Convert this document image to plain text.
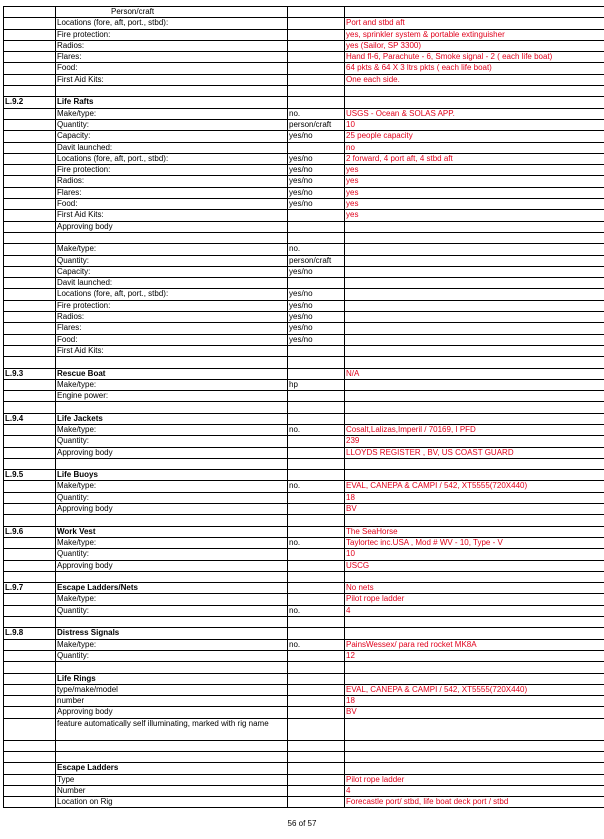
	Person/craft		
	Locations (fore, aft, port., stbd):		Port and stbd aft
	Fire protection:		yes, sprinkler system & portable extinguisher
	Radios:		yes (Sailor, SP 3300)
	Flares:		Hand fl-6, Parachute - 6, Smoke signal - 2 ( each life boat)
	Food:		64 pkts & 64 X 3 ltrs pkts ( each life boat)
	First Aid Kits:		One each side.

L.9.2	Life Rafts		
	Make/type:	no.	USGS - Ocean & SOLAS APP.
	Quantity:	person/craft	10
	Capacity:	yes/no	25 people capacity
	Davit launched:		no
	Locations (fore, aft, port., stbd):	yes/no	2 forward, 4 port aft, 4 stbd aft
	Fire protection:	yes/no	yes
	Radios:	yes/no	yes
	Flares:	yes/no	yes
	Food:	yes/no	yes
	First Aid Kits:		yes
	Approving body		

	Make/type:	no.	
	Quantity:	person/craft	
	Capacity:	yes/no	
	Davit launched:		
	Locations (fore, aft, port., stbd):	yes/no	
	Fire protection:	yes/no	
	Radios:	yes/no	
	Flares:	yes/no	
	Food:	yes/no	
	First Aid Kits:		

L.9.3	Rescue Boat		N/A
	Make/type:	hp	
	Engine power:		

L.9.4	Life Jackets		
	Make/type:	no.	Cosalt,Lalizas,Imperil / 70169, I PFD
	Quantity:		239
	Approving body		LLOYDS REGISTER , BV, US COAST GUARD

L.9.5	Life Buoys		
	Make/type:	no.	EVAL, CANEPA & CAMPI / 542, XT5555(720X440)
	Quantity:		18
	Approving body		BV

L.9.6	Work Vest		The SeaHorse
	Make/type:	no.	Taylortec inc.USA , Mod # WV - 10, Type - V
	Quantity:		10
	Approving body		USCG

L.9.7	Escape Ladders/Nets		No nets
	Make/type:		Pilot rope ladder
	Quantity:	no.	4

L.9.8	Distress Signals		
	Make/type:	no.	PainsWessex/ para red rocket MK8A
	Quantity:		12

	Life Rings		
	type/make/model		EVAL, CANEPA & CAMPI / 542, XT5555(720X440)
	number		18
	Approving body		BV
	feature automatically self illuminating, marked with rig name		

	Escape Ladders		
	Type		Pilot rope ladder
	Number		4
	Location on Rig		Forecastle port/ stbd, life boat deck port / stbd
56 of 57
